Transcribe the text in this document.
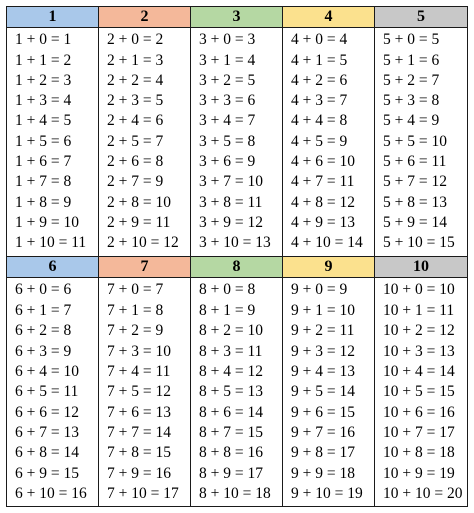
1
1 + 0 = 1
1 + 1 = 2
1 + 2 = 3
1 + 3 = 4
1 + 4 = 5
1 + 5 = 6
1 + 6 = 7
1 + 7 = 8
1 + 8 = 9
1 + 9 = 10
1 + 10 = 11
2
2 + 0 = 2
2 + 1 = 3
2 + 2 = 4
2 + 3 = 5
2 + 4 = 6
2 + 5 = 7
2 + 6 = 8
2 + 7 = 9
2 + 8 = 10
2 + 9 = 11
2 + 10 = 12
3
3 + 0 = 3
3 + 1 = 4
3 + 2 = 5
3 + 3 = 6
3 + 4 = 7
3 + 5 = 8
3 + 6 = 9
3 + 7 = 10
3 + 8 = 11
3 + 9 = 12
3 + 10 = 13
4
4 + 0 = 4
4 + 1 = 5
4 + 2 = 6
4 + 3 = 7
4 + 4 = 8
4 + 5 = 9
4 + 6 = 10
4 + 7 = 11
4 + 8 = 12
4 + 9 = 13
4 + 10 = 14
5
5 + 0 = 5
5 + 1 = 6
5 + 2 = 7
5 + 3 = 8
5 + 4 = 9
5 + 5 = 10
5 + 6 = 11
5 + 7 = 12
5 + 8 = 13
5 + 9 = 14
5 + 10 = 15
6
6 + 0 = 6
6 + 1 = 7
6 + 2 = 8
6 + 3 = 9
6 + 4 = 10
6 + 5 = 11
6 + 6 = 12
6 + 7 = 13
6 + 8 = 14
6 + 9 = 15
6 + 10 = 16
7
7 + 0 = 7
7 + 1 = 8
7 + 2 = 9
7 + 3 = 10
7 + 4 = 11
7 + 5 = 12
7 + 6 = 13
7 + 7 = 14
7 + 8 = 15
7 + 9 = 16
7 + 10 = 17
8
8 + 0 = 8
8 + 1 = 9
8 + 2 = 10
8 + 3 = 11
8 + 4 = 12
8 + 5 = 13
8 + 6 = 14
8 + 7 = 15
8 + 8 = 16
8 + 9 = 17
8 + 10 = 18
9
9 + 0 = 9
9 + 1 = 10
9 + 2 = 11
9 + 3 = 12
9 + 4 = 13
9 + 5 = 14
9 + 6 = 15
9 + 7 = 16
9 + 8 = 17
9 + 9 = 18
9 + 10 = 19
10
10 + 0 = 10
10 + 1 = 11
10 + 2 = 12
10 + 3 = 13
10 + 4 = 14
10 + 5 = 15
10 + 6 = 16
10 + 7 = 17
10 + 8 = 18
10 + 9 = 19
10 + 10 = 20
